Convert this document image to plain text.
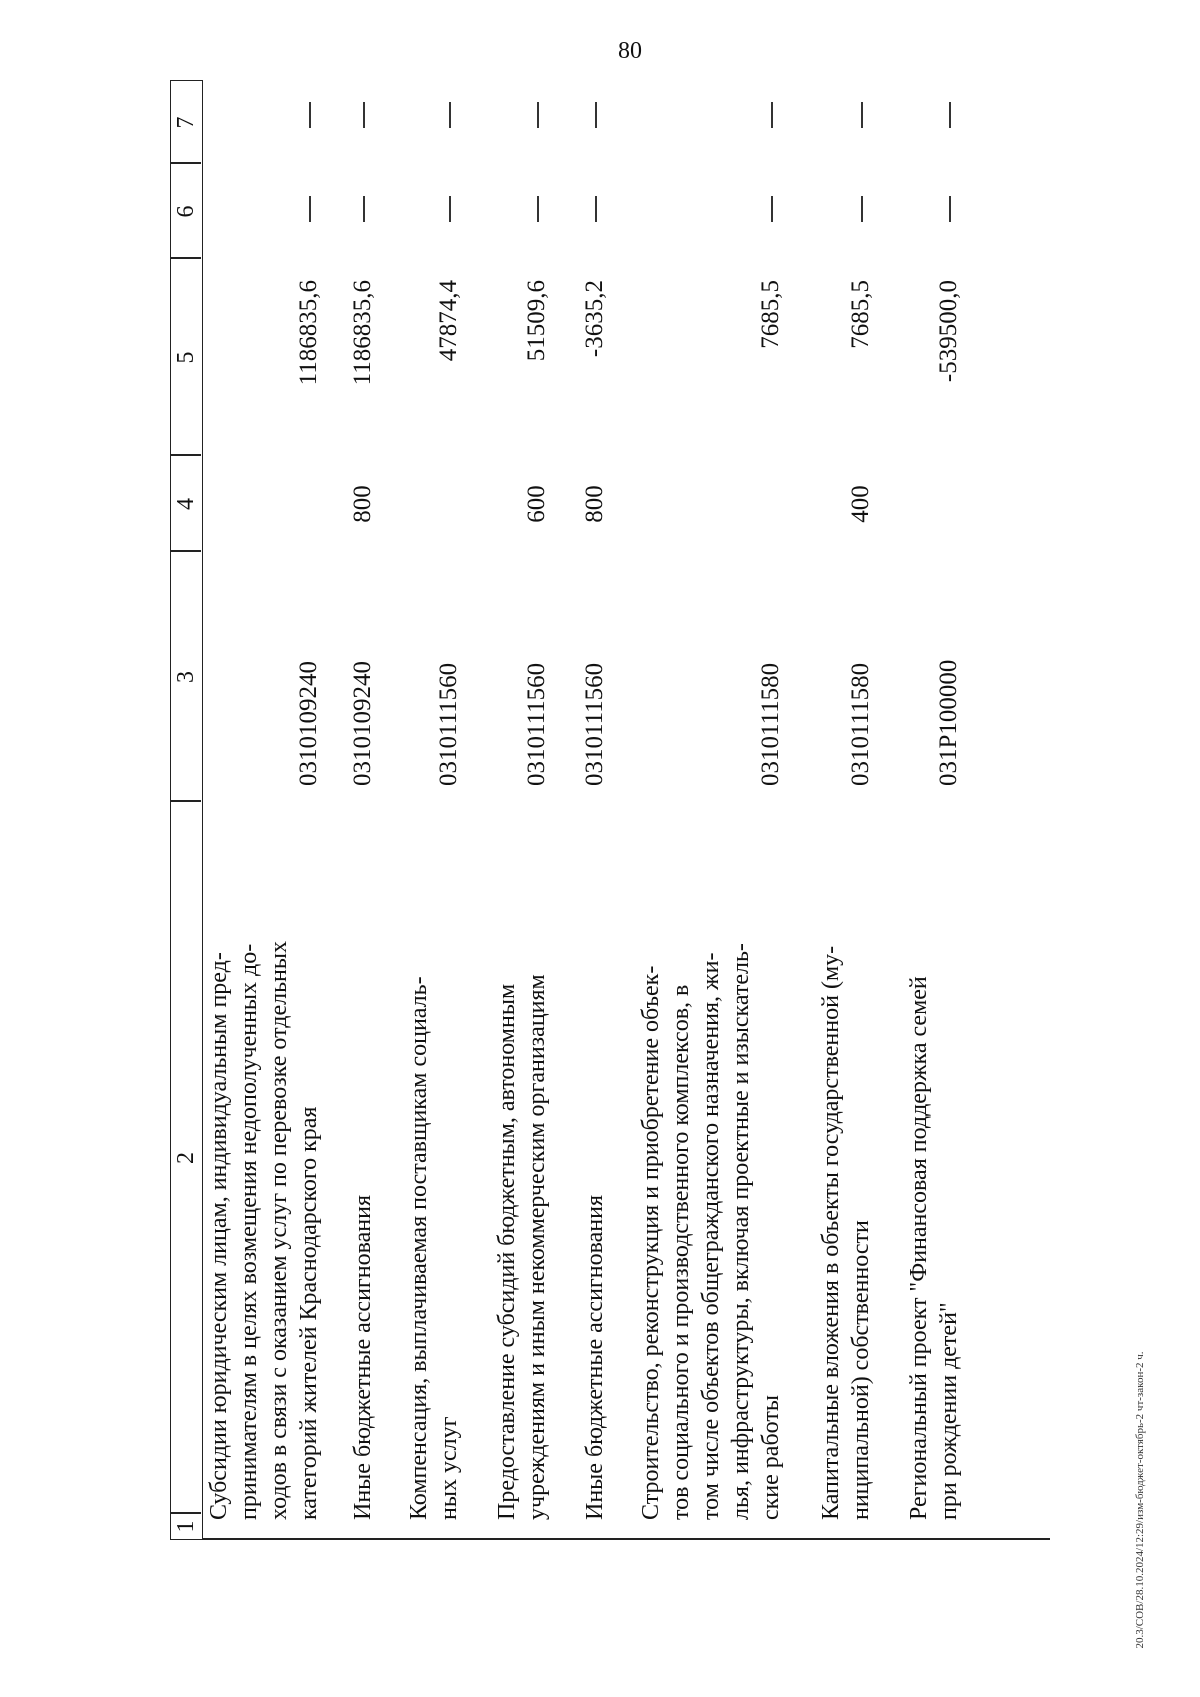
80
20.3/СОВ/28.10.2024/12:29/изм-бюджет-октябрь-2 чт-закон-2 ч.
1
2
3
4
5
6
7
Субсидии юридическим лицам, индивидуальным пред- принимателям в целях возмещения недополученных до- ходов в связи с оказанием услуг по перевозке отдельных категорий жителей Краснодарского края
0310109240
1186835,6
Иные бюджетные ассигнования
0310109240
800
1186835,6
Компенсация, выплачиваемая поставщикам социаль- ных услуг
0310111560
47874,4
Предоставление субсидий бюджетным, автономным учреждениям и иным некоммерческим организациям
0310111560
600
51509,6
Иные бюджетные ассигнования
0310111560
800
-3635,2
Строительство, реконструкция и приобретение объек- тов социального и производственного комплексов, в том числе объектов общегражданского назначения, жи- лья, инфраструктуры, включая проектные и изыскатель- ские работы
0310111580
7685,5
Капитальные вложения в объекты государственной (му- ниципальной) собственности
0310111580
400
7685,5
Региональный проект "Финансовая поддержка семей при рождении детей"
031Р100000
-539500,0
